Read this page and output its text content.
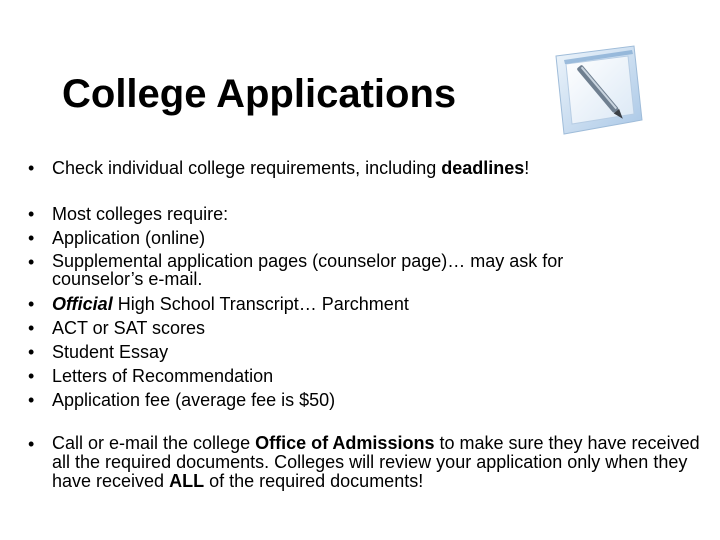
College Applications
• Check individual college requirements, including deadlines!
• Most colleges require:
• Application (online)
• Supplemental application pages (counselor page)… may ask for counselor’s e-mail.
• Official High School Transcript… Parchment
• ACT or SAT scores
• Student Essay
• Letters of Recommendation
• Application fee (average fee is $50)
• Call or e-mail the college Office of Admissions to make sure they have received all the required documents. Colleges will review your application only when they have received ALL of the required documents!
